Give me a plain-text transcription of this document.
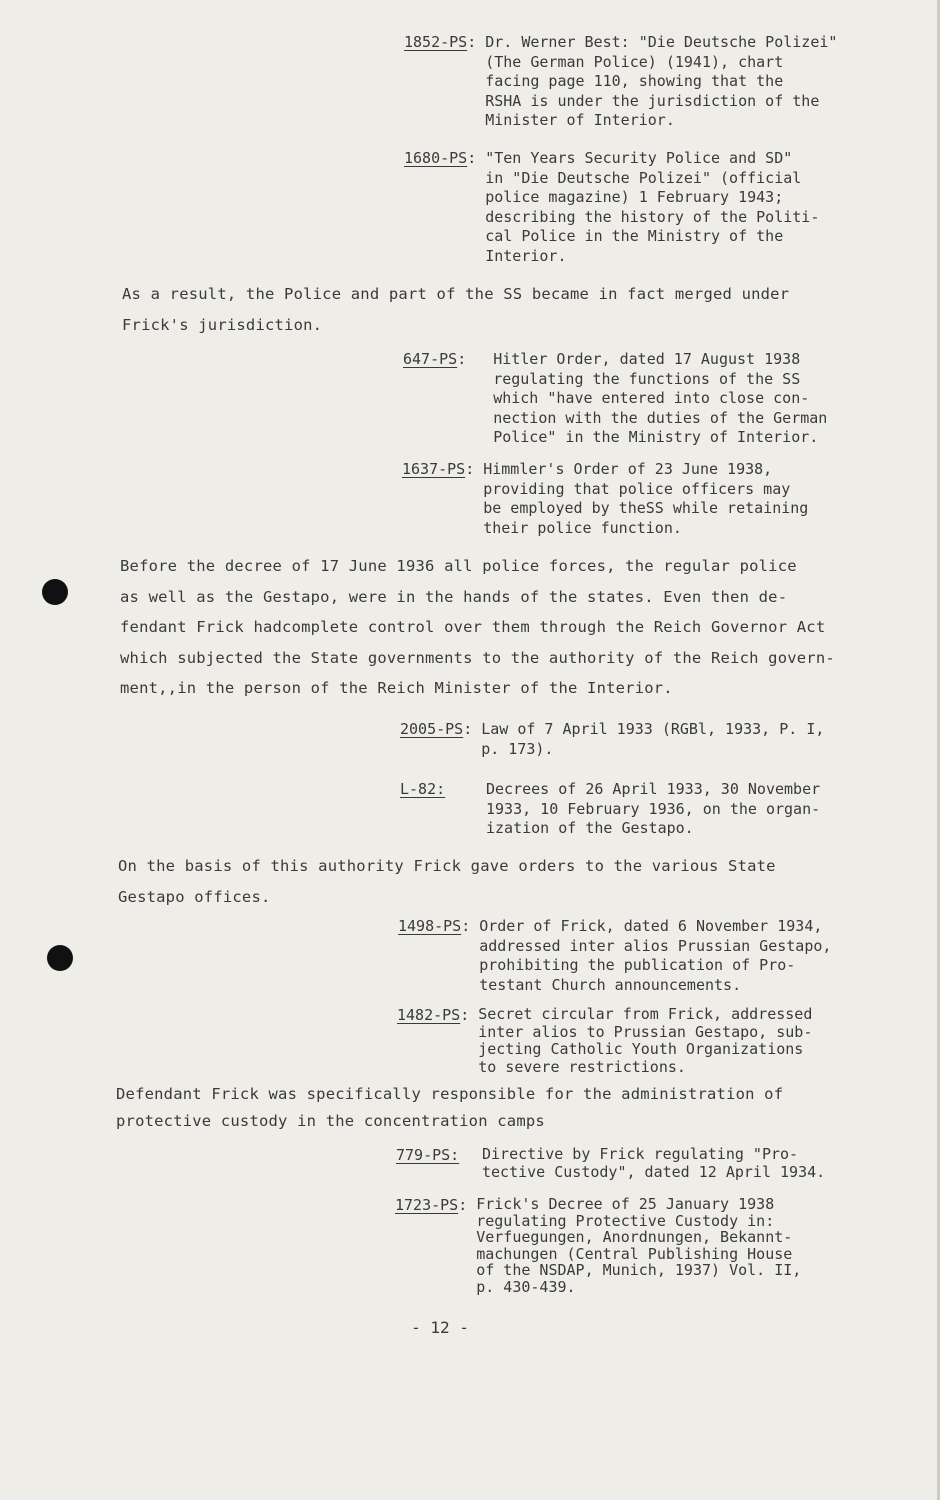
1852-PS : Dr. Werner Best: "Die Deutsche Polizei"
(The German Police) (1941), chart
facing page 110, showing that the
RSHA is under the jurisdiction of the
Minister of Interior.
1680-PS : "Ten Years Security Police and SD"
in "Die Deutsche Polizei" (official
police magazine) 1 February 1943;
describing the history of the Politi-
cal Police in the Ministry of the
Interior.
As a result, the Police and part of the SS became in fact merged under
Frick's jurisdiction.
647-PS :	Hitler Order, dated 17 August 1938
regulating the functions of the SS
which "have entered into close con-
nection with the duties of the German
Police" in the Ministry of Interior.
1637-PS : Himmler's Order of 23 June 1938,
providing that police officers may
be employed by theSS while retaining
their police function.
Before the decree of 17 June 1936 all police forces, the regular police
as well as the Gestapo, were in the hands of the states. Even then de-
fendant Frick hadcomplete control over them through the Reich Governor Act
which subjected the State governments to the authority of the Reich govern-
ment,,in the person of the Reich Minister of the Interior.
2005-PS : Law of 7 April 1933 (RGBl, 1933, P. I,
p. 173).
L-82:	Decrees of 26 April 1933, 30 November
1933, 10 February 1936, on the organ-
ization of the Gestapo.
On the basis of this authority Frick gave orders to the various State
Gestapo offices.
1498-PS : Order of Frick, dated 6 November 1934,
addressed inter alios Prussian Gestapo,
prohibiting the publication of Pro-
testant Church announcements.
1482-PS : Secret circular from Frick, addressed
inter alios to Prussian Gestapo, sub-
jecting Catholic Youth Organizations
to severe restrictions.
Defendant Frick was specifically responsible for the administration of
protective custody in the concentration camps
779-PS:	Directive by Frick regulating "Pro-
tective Custody", dated 12 April 1934.
1723-PS : Frick's Decree of 25 January 1938
regulating Protective Custody in:
Verfuegungen, Anordnungen, Bekannt-
machungen (Central Publishing House
of the NSDAP, Munich, 1937) Vol. II,
p. 430-439.
- 12 -
